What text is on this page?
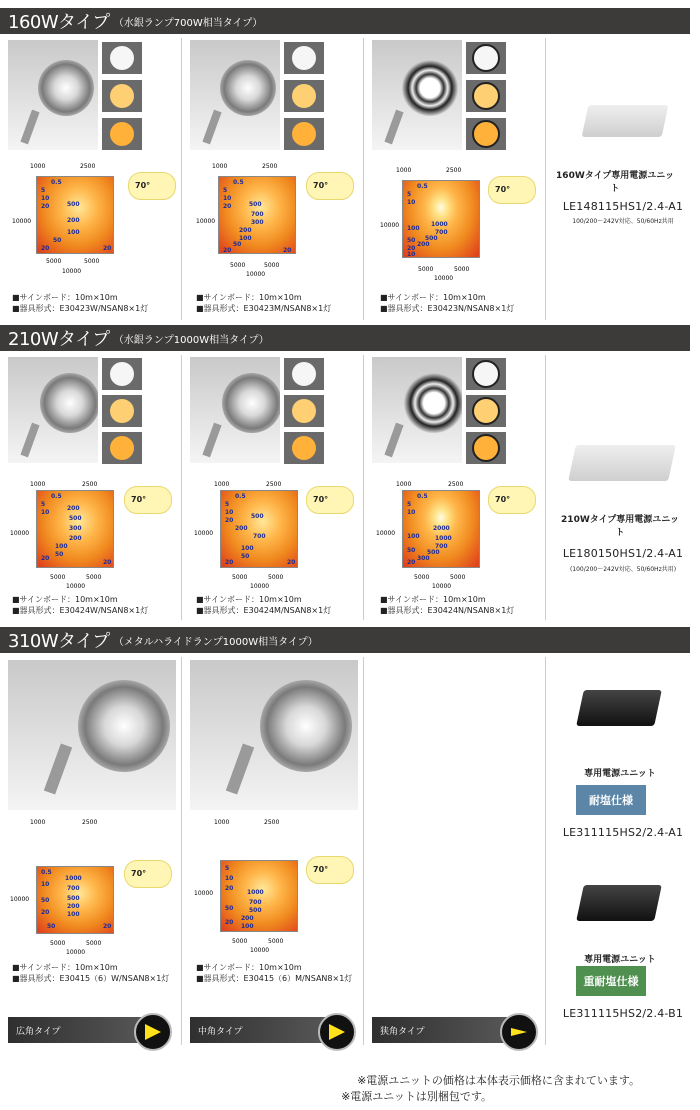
160Wタイプ （水銀ランプ700W相当タイプ）
210Wタイプ （水銀ランプ1000W相当タイプ）
310Wタイプ （メタルハライドランプ1000W相当タイプ）
昼白色タイプ
電球色タイプ
ナトリウム色タイプ
1000	2500
10000
0.5
5
10
20	500
200
100
50
20	20
5000	5000
10000
70°
■サインボード：10m×10m
■器具形式：E30423W/NSAN8×1灯
昼白色タイプ
電球色タイプ
ナトリウム色タイプ
1000	2500
10000
0.5
5
10
20	500
700
300
200
100
50
20	20
5000	5000
10000
70°
■サインボード：10m×10m
■器具形式：E30423M/NSAN8×1灯
昼白色タイプ
電球色タイプ
ナトリウム色タイプ
1000	2500
10000
0.5
5
10
1000
700
500
200
100
50
20
10
5000	5000
10000
70°
■サインボード：10m×10m
■器具形式：E30423N/NSAN8×1灯
160Wタイプ専用電源ユニット
LE148115HS1/2.4-A1
100/200〜242V対応、50/60Hz共用
昼白色タイプ
電球色タイプ
ナトリウム色タイプ
1000	2500
10000
0.5
5
10
200
500
300
200
100
50
20
20
5000	5000
10000
70°
■サインボード：10m×10m
■器具形式：E30424W/NSAN8×1灯
昼白色タイプ
電球色タイプ
ナトリウム色タイプ
1000	2500
10000
0.5
5
10
20
500
200
700
100
50
20	20
5000	5000
10000
70°
■サインボード：10m×10m
■器具形式：E30424M/NSAN8×1灯
昼白色タイプ
電球色タイプ
ナトリウム色タイプ
1000	2500
10000
0.5
5
10
2000
1000
700
500
300
100
50
20
5000	5000
10000
70°
■サインボード：10m×10m
■器具形式：E30424N/NSAN8×1灯
210Wタイプ専用電源ユニット
LE180150HS1/2.4-A1
(100/200〜242V対応、50/60Hz共用)
1000	2500
10000
0.5
10
1000
700
500
200
100
50
20
50	20
5000	5000
10000
70°
■サインボード：10m×10m
■器具形式：E30415（6）W/NSAN8×1灯
1000	2500
10000
5
10
20
1000
700
500
200
100
50
20
5000	5000
10000
70°
■サインボード：10m×10m
■器具形式：E30415（6）M/NSAN8×1灯
広角タイプ	中角タイプ	狭角タイプ
専用電源ユニット
耐塩仕様
LE311115HS2/2.4-A1
専用電源ユニット
重耐塩仕様
LE311115HS2/2.4-B1
※電源ユニットの価格は本体表示価格に含まれています。
※電源ユニットは別梱包です。
